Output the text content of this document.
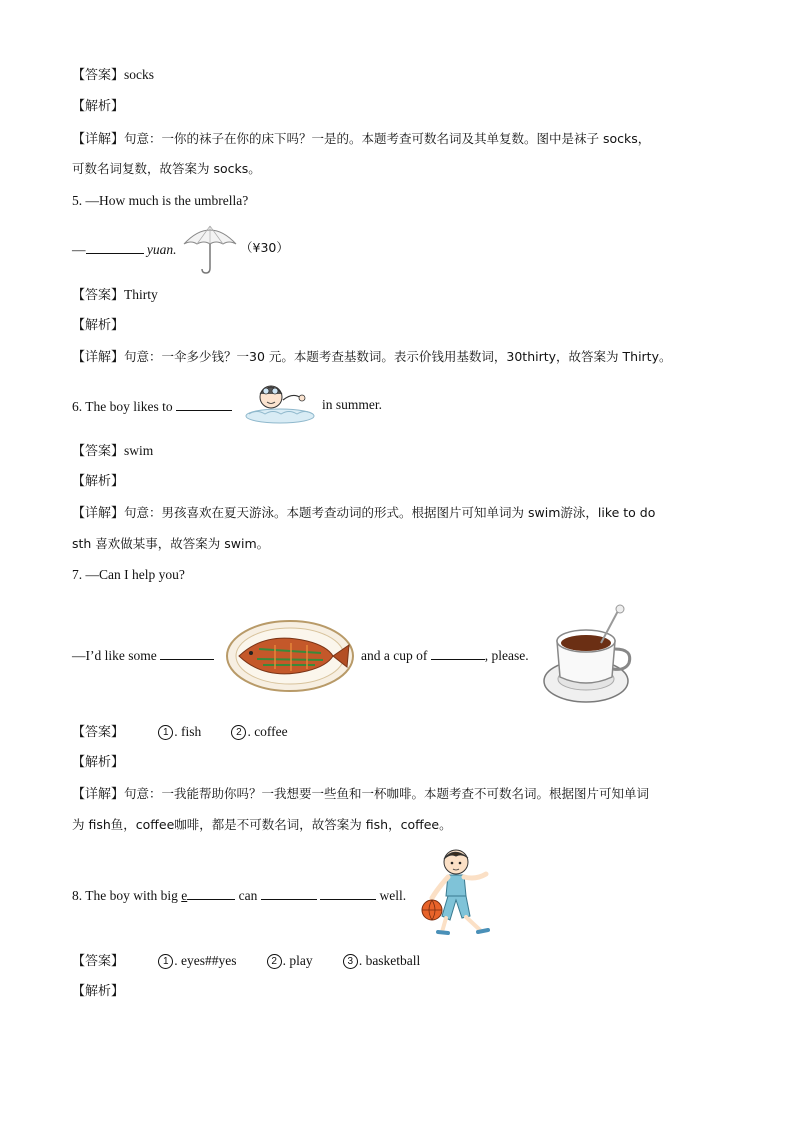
【答案】socks
【解析】
【详解】句意：一你的袜子在你的床下吗？一是的。本题考查可数名词及其单复数。图中是袜子 socks，
可数名词复数，故答案为 socks。
5. —How much is the umbrella?
—	yuan.	（¥30）
【答案】Thirty
【解析】
【详解】句意：一伞多少钱？一30 元。本题考查基数词。表示价钱用基数词，30thirty，故答案为 Thirty。
6. The boy likes to	in summer.
【答案】swim
【解析】
【详解】句意：男孩喜欢在夏天游泳。本题考查动词的形式。根据图片可知单词为 swim游泳，like to do
sth 喜欢做某事，故答案为 swim。
7. —Can I help you?
—I’d like some	and a cup of	, please.
【答案】	1 . fish	2 . coffee
【解析】
【详解】句意：一我能帮助你吗？一我想要一些鱼和一杯咖啡。本题考查不可数名词。根据图片可知单词
为 fish鱼，coffee咖啡，都是不可数名词，故答案为 fish，coffee。
8. The boy with big e	can	well.
【答案】	1 . eyes##yes	2 . play	3 . basketball
【解析】
